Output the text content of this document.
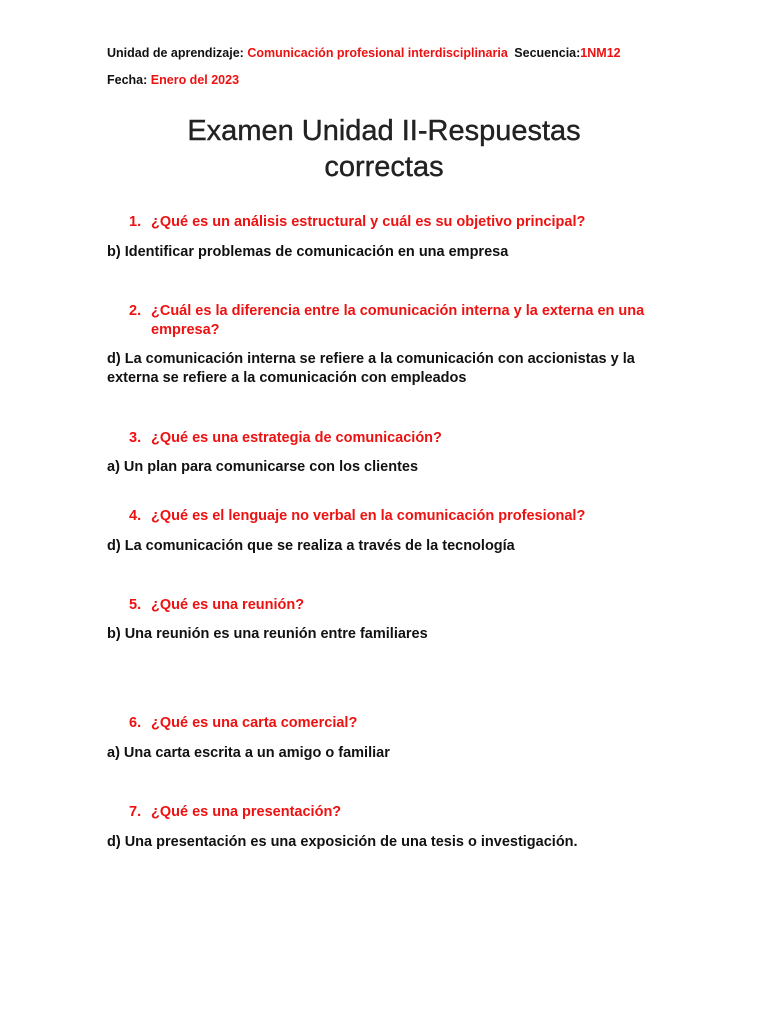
Unidad de aprendizaje: Comunicación profesional interdisciplinaria Secuencia:1NM12
Fecha: Enero del 2023
Examen Unidad II-Respuestas
correctas
1. ¿Qué es un análisis estructural y cuál es su objetivo principal?
b) Identificar problemas de comunicación en una empresa
2. ¿Cuál es la diferencia entre la comunicación interna y la externa en una empresa?
d) La comunicación interna se refiere a la comunicación con accionistas y la externa se refiere a la comunicación con empleados
3. ¿Qué es una estrategia de comunicación?
a) Un plan para comunicarse con los clientes
4. ¿Qué es el lenguaje no verbal en la comunicación profesional?
d) La comunicación que se realiza a través de la tecnología
5. ¿Qué es una reunión?
b) Una reunión es una reunión entre familiares
6. ¿Qué es una carta comercial?
a) Una carta escrita a un amigo o familiar
7. ¿Qué es una presentación?
d) Una presentación es una exposición de una tesis o investigación.
